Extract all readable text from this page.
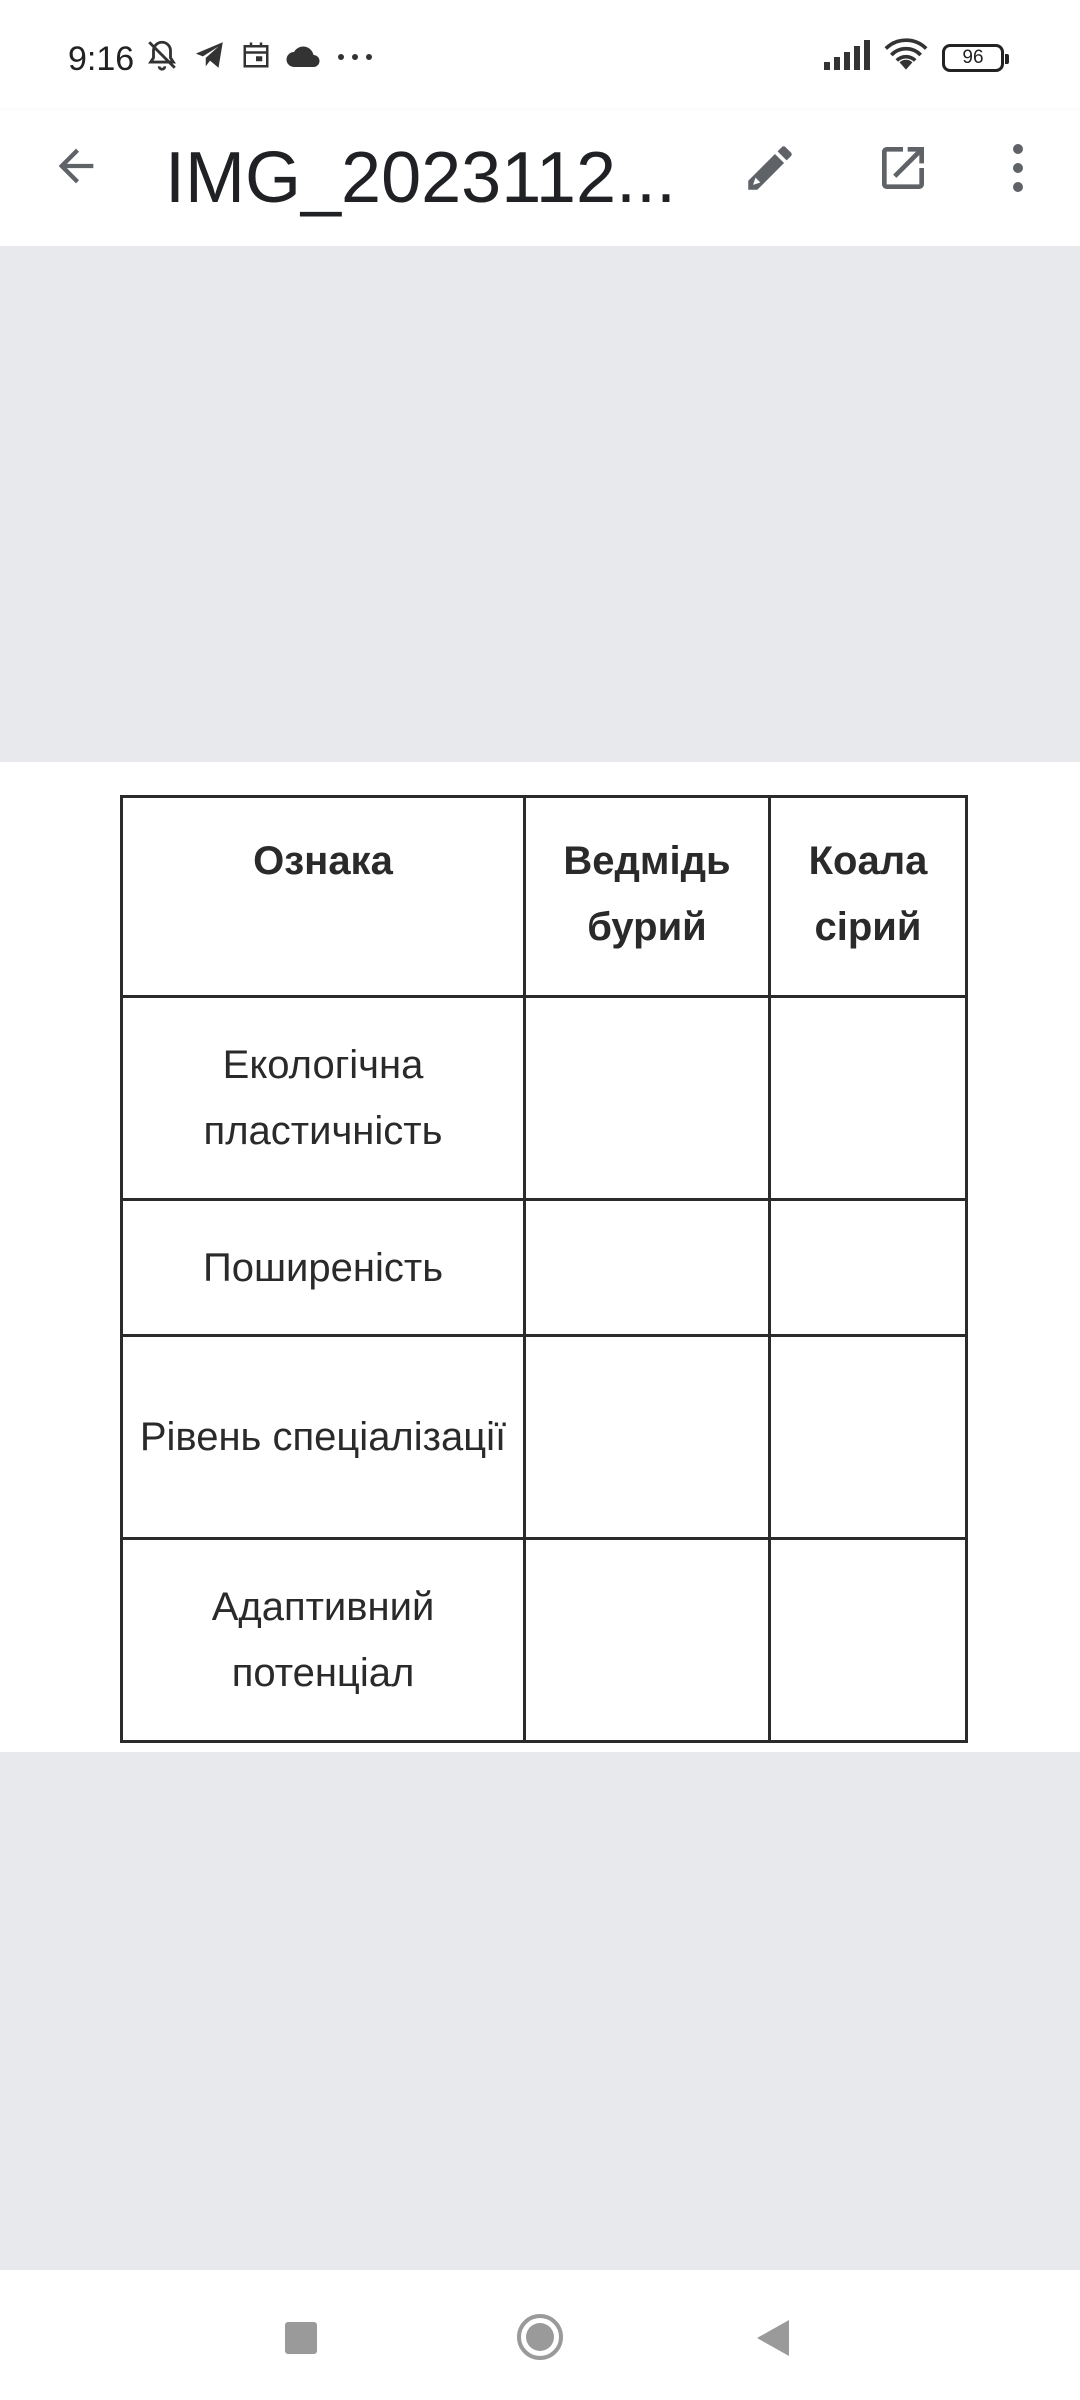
9:16	96
IMG_2023112...
Ознака	Ведмідь бурий	Коала сірий
Екологічна пластичність		
Поширеність		
Рівень спеціалізації		
Адаптивний потенціал		
